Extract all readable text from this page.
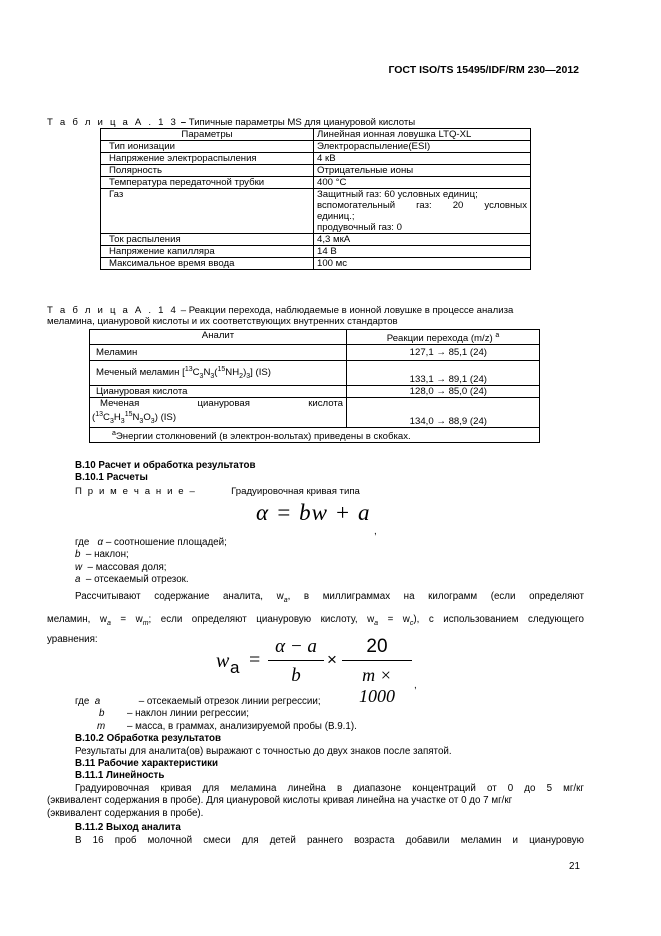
ГОСТ ISO/TS 15495/IDF/RM 230—2012
Т а б л и ц а А . 1 3 – Типичные параметры MS для циануровой кислоты
Параметры	Линейная ионная ловушка LTQ-XL
Тип ионизации	Электрораспыление(ESI)
Напряжение электрораспыления	4 кВ
Полярность	Отрицательные ионы
Температура передаточной трубки	400 °С
Газ	Защитный газ: 60 условных единиц;
вспомогательный газ: 20 условных
единиц.;
продувочный газ: 0

Ток распыления	4,3 мкА
Напряжение капилляра	14 В
Максимальное время ввода	100 мс
Т а б л и ц а А . 1 4 – Реакции перехода, наблюдаемые в ионной ловушке в процессе анализа
меламина, циануровой кислоты и их соответствующих внутренних стандартов
Аналит	Реакции перехода (m/z) $^a$
Меламин	127,1 → 85,1 (24)
Меченый меламин $[^{13}C_3N_3(^{15}NH_2)_3]$ (IS)	133,1 → 89,1 (24)
Циануровая кислота	128,0 → 85,0 (24)

Меченая циануровая кислота
$(^{13}C_3H_3^{15}N_3O_3)$ (IS)	134,0 → 88,9 (24)
$^a$Энергии столкновений (в электрон-вольтах) приведены в скобках.	
В.10 Расчет и обработка результатов
В.10.1 Расчеты
П р и м е ч а н и е –	Градуировочная кривая типа
α = bw + a
,
где α – соотношение площадей;
b – наклон;
w – массовая доля;
a – отсекаемый отрезок.
Рассчитывают содержание аналита, $w_a$, в миллиграммах на килограмм (если определяют
меламин, $w_a = w_m$; если определяют циануровую кислоту, $w_a = w_c$), с использованием следующего
уравнения:
w a =
α − a
b
×
20
m × 1000
,
где a	– отсекаемый отрезок линии регрессии;
b – наклон линии регрессии;
m – масса, в граммах, анализируемой пробы (В.9.1).
В.10.2 Обработка результатов
Результаты для аналита(ов) выражают с точностью до двух знаков после запятой.
В.11 Рабочие характеристики
В.11.1 Линейность
Градуировочная кривая для меламина линейна в диапазоне концентраций от 0 до 5 мг/кг
(эквивалент содержания в пробе). Для циануровой кислоты кривая линейна на участке от 0 до 7 мг/кг
(эквивалент содержания в пробе).
В.11.2 Выход аналита
В 16 проб молочной смеси для детей раннего возраста добавили меламин и циануровую
21
